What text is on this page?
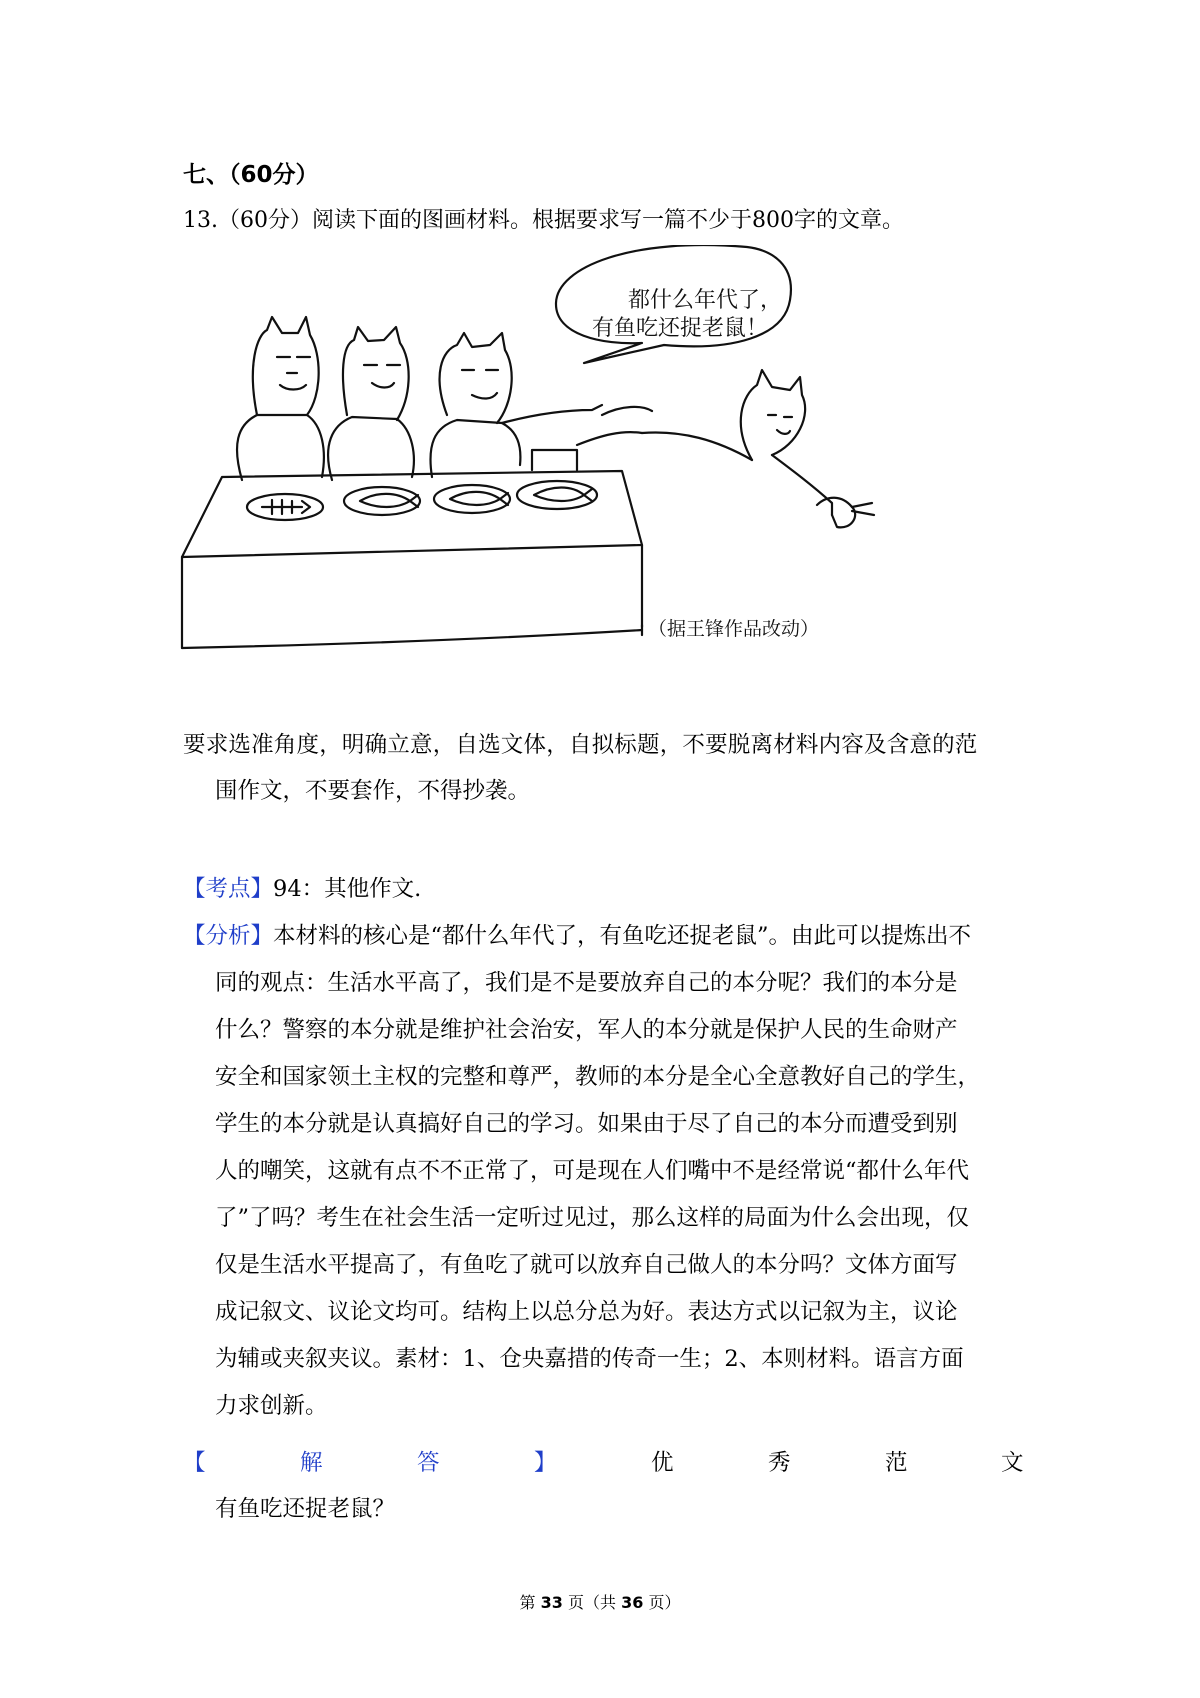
七、（60分）
13.（60分）阅读下面的图画材料。根据要求写一篇不少于800字的文章。
都什么年代了，
有鱼吃还捉老鼠！
（据王锋作品改动）
要求选准角度，明确立意，自选文体，自拟标题，不要脱离材料内容及含意的范
围作文，不要套作，不得抄袭。
【考点】94：其他作文.
【分析】本材料的核心是“都什么年代了，有鱼吃还捉老鼠”。由此可以提炼出不
同的观点：生活水平高了，我们是不是要放弃自己的本分呢？我们的本分是
什么？警察的本分就是维护社会治安，军人的本分就是保护人民的生命财产
安全和国家领土主权的完整和尊严，教师的本分是全心全意教好自己的学生，
学生的本分就是认真搞好自己的学习。如果由于尽了自己的本分而遭受到别
人的嘲笑，这就有点不不正常了，可是现在人们嘴中不是经常说“都什么年代
了”了吗？考生在社会生活一定听过见过，那么这样的局面为什么会出现，仅
仅是生活水平提高了，有鱼吃了就可以放弃自己做人的本分吗？文体方面写
成记叙文、议论文均可。结构上以总分总为好。表达方式以记叙为主，议论
为辅或夹叙夹议。素材：1、仓央嘉措的传奇一生；2、本则材料。语言方面
力求创新。
【	解	答	】	优	秀	范	文
有鱼吃还捉老鼠？
第 33 页（共 36 页）
